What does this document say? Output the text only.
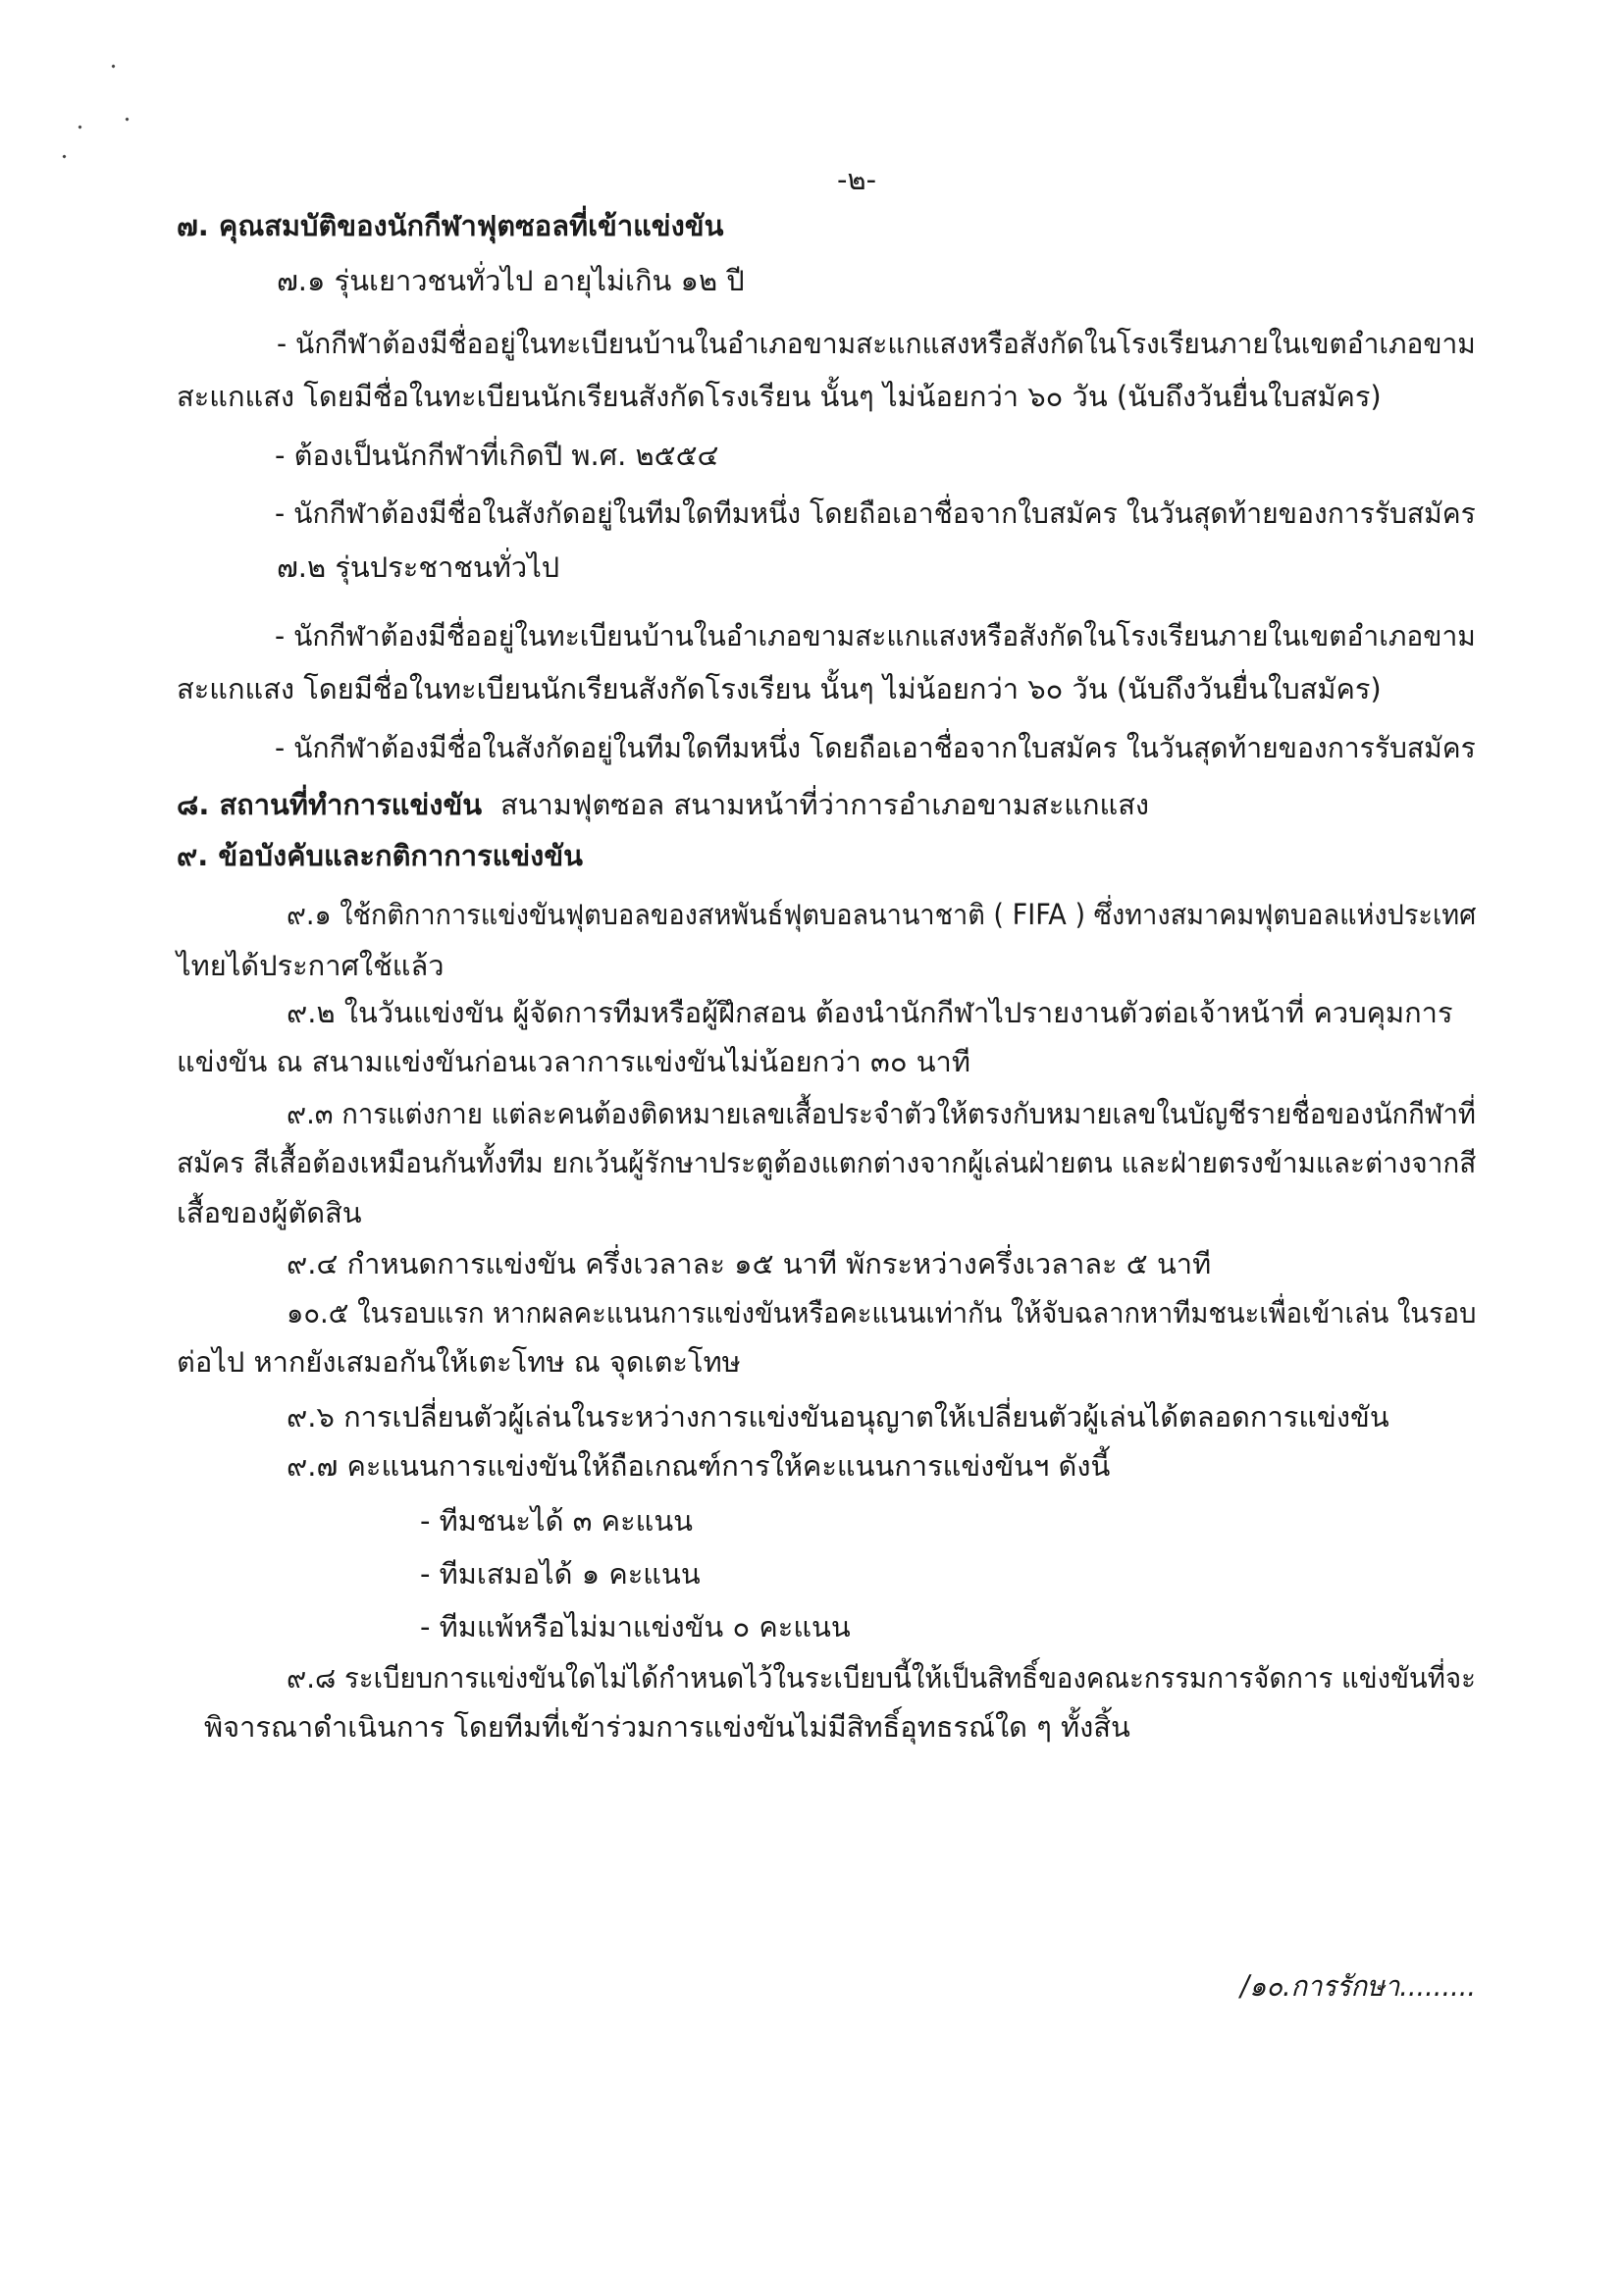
-๒-
๗. คุณสมบัติของนักกีฬาฟุตซอลที่เข้าแข่งขัน
๗.๑ รุ่นเยาวชนทั่วไป อายุไม่เกิน ๑๒ ปี
- นักกีฬาต้องมีชื่ออยู่ในทะเบียนบ้านในอำเภอขามสะแกแสงหรือสังกัดในโรงเรียนภายในเขตอำเภอขาม
สะแกแสง โดยมีชื่อในทะเบียนนักเรียนสังกัดโรงเรียน นั้นๆ ไม่น้อยกว่า ๖๐ วัน (นับถึงวันยื่นใบสมัคร)
- ต้องเป็นนักกีฬาที่เกิดปี พ.ศ. ๒๕๕๔
- นักกีฬาต้องมีชื่อในสังกัดอยู่ในทีมใดทีมหนึ่ง โดยถือเอาชื่อจากใบสมัคร ในวันสุดท้ายของการรับสมัคร
๗.๒ รุ่นประชาชนทั่วไป
- นักกีฬาต้องมีชื่ออยู่ในทะเบียนบ้านในอำเภอขามสะแกแสงหรือสังกัดในโรงเรียนภายในเขตอำเภอขาม
สะแกแสง โดยมีชื่อในทะเบียนนักเรียนสังกัดโรงเรียน นั้นๆ ไม่น้อยกว่า ๖๐ วัน (นับถึงวันยื่นใบสมัคร)
- นักกีฬาต้องมีชื่อในสังกัดอยู่ในทีมใดทีมหนึ่ง โดยถือเอาชื่อจากใบสมัคร ในวันสุดท้ายของการรับสมัคร
๘. สถานที่ทำการแข่งขัน สนามฟุตซอล สนามหน้าที่ว่าการอำเภอขามสะแกแสง
๙. ข้อบังคับและกติกาการแข่งขัน
๙.๑ ใช้กติกาการแข่งขันฟุตบอลของสหพันธ์ฟุตบอลนานาชาติ ( FIFA ) ซึ่งทางสมาคมฟุตบอลแห่งประเทศ
ไทยได้ประกาศใช้แล้ว
๙.๒ ในวันแข่งขัน ผู้จัดการทีมหรือผู้ฝึกสอน ต้องนำนักกีฬาไปรายงานตัวต่อเจ้าหน้าที่ ควบคุมการ
แข่งขัน ณ สนามแข่งขันก่อนเวลาการแข่งขันไม่น้อยกว่า ๓๐ นาที
๙.๓ การแต่งกาย แต่ละคนต้องติดหมายเลขเสื้อประจำตัวให้ตรงกับหมายเลขในบัญชีรายชื่อของนักกีฬาที่
สมัคร สีเสื้อต้องเหมือนกันทั้งทีม ยกเว้นผู้รักษาประตูต้องแตกต่างจากผู้เล่นฝ่ายตน และฝ่ายตรงข้ามและต่างจากสี
เสื้อของผู้ตัดสิน
๙.๔ กำหนดการแข่งขัน ครึ่งเวลาละ ๑๕ นาที พักระหว่างครึ่งเวลาละ ๕ นาที
๑๐.๕ ในรอบแรก หากผลคะแนนการแข่งขันหรือคะแนนเท่ากัน ให้จับฉลากหาทีมชนะเพื่อเข้าเล่น ในรอบ
ต่อไป หากยังเสมอกันให้เตะโทษ ณ จุดเตะโทษ
๙.๖ การเปลี่ยนตัวผู้เล่นในระหว่างการแข่งขันอนุญาตให้เปลี่ยนตัวผู้เล่นได้ตลอดการแข่งขัน
๙.๗ คะแนนการแข่งขันให้ถือเกณฑ์การให้คะแนนการแข่งขันฯ ดังนี้
- ทีมชนะได้ ๓ คะแนน
- ทีมเสมอได้ ๑ คะแนน
- ทีมแพ้หรือไม่มาแข่งขัน ๐ คะแนน
๙.๘ ระเบียบการแข่งขันใดไม่ได้กำหนดไว้ในระเบียบนี้ให้เป็นสิทธิ์ของคณะกรรมการจัดการ แข่งขันที่จะ
พิจารณาดำเนินการ โดยทีมที่เข้าร่วมการแข่งขันไม่มีสิทธิ์อุทธรณ์ใด ๆ ทั้งสิ้น
/๑๐.การรักษา.........
